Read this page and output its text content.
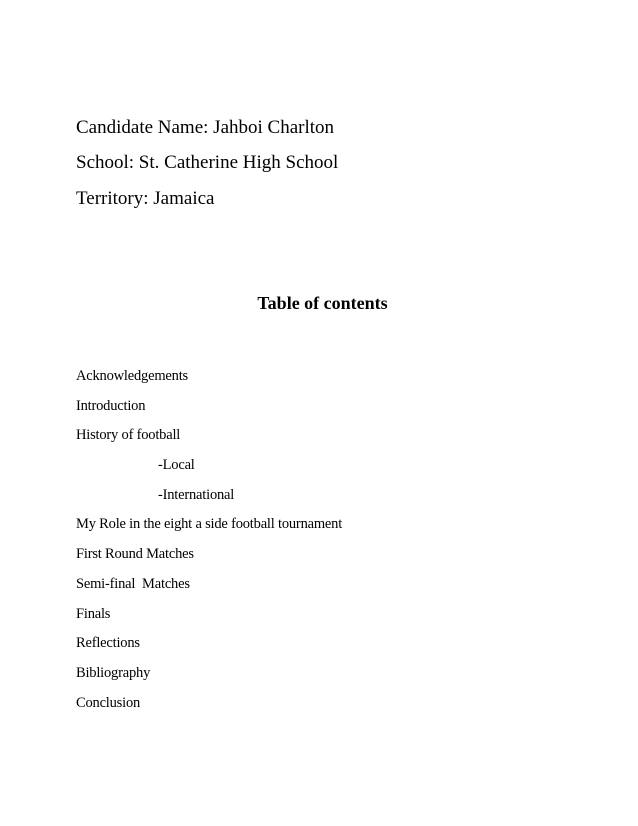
Candidate Name: Jahboi Charlton
School: St. Catherine High School
Territory: Jamaica
Table of contents
Acknowledgements
Introduction
History of football
-Local
-International
My Role in the eight a side football tournament
First Round Matches
Semi-final  Matches
Finals
Reflections
Bibliography
Conclusion
